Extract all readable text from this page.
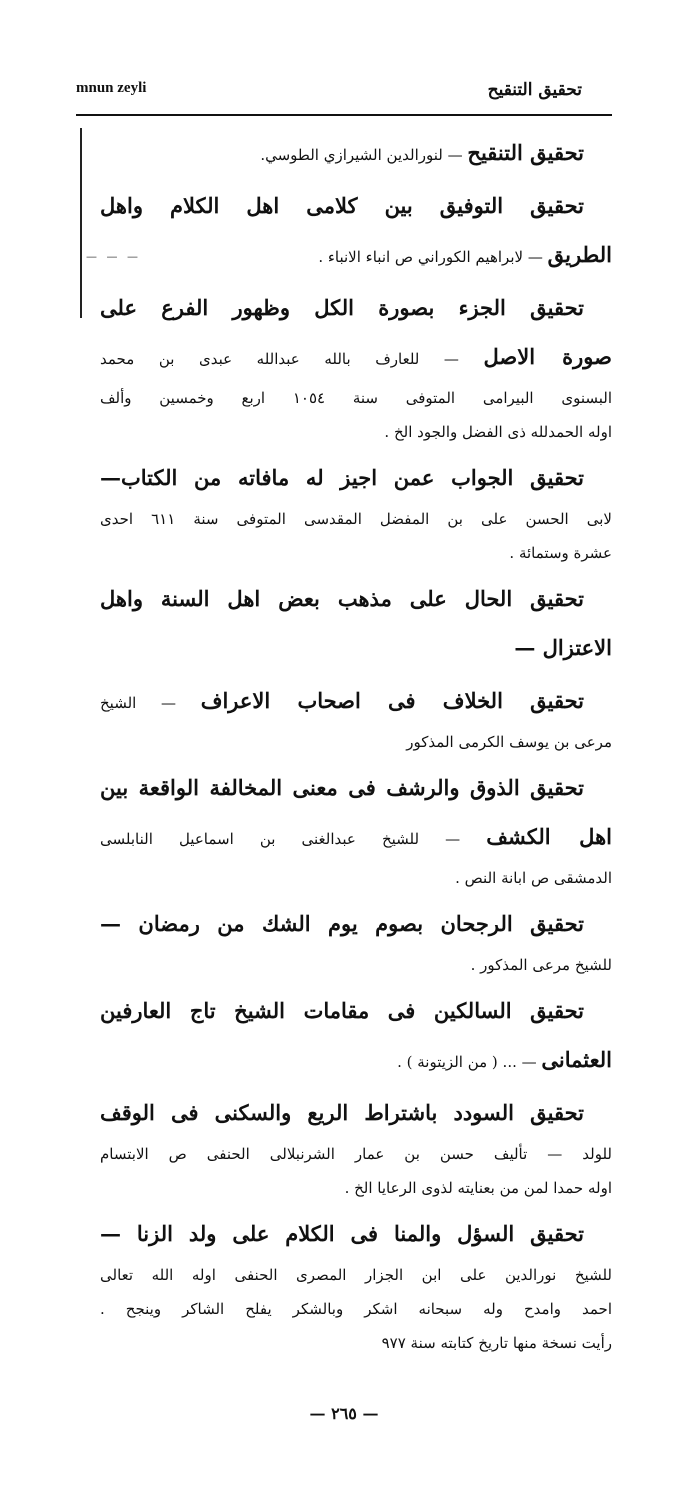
mnun zeyli	تحقيق التنقيح
— — —
تحقيق التنقيح — لنورالدين الشيرازي الطوسي.
تحقيق التوفيق بين كلامى اهل الكلام واهل
الطريق — لابراهيم الكوراني ص انباء الانباء .
تحقيق الجزء بصورة الكل وظهور الفرع على
صورة الاصل — للعارف بالله عبدالله عبدى بن محمد
البسنوى البيرامى المتوفى سنة ١٠٥٤ اربع وخمسين وألف
اوله الحمدلله ذى الفضل والجود الخ .
تحقيق الجواب عمن اجيز له مافاته من الكتاب—
لابى الحسن على بن المفضل المقدسى المتوفى سنة ٦١١ احدى
عشرة وستمائة .
تحقيق الحال على مذهب بعض اهل السنة واهل
الاعتزال —
تحقيق الخلاف فى اصحاب الاعراف — الشيخ
مرعى بن يوسف الكرمى المذكور
تحقيق الذوق والرشف فى معنى المخالفة الواقعة بين
اهل الكشف — للشيخ عبدالغنى بن اسماعيل النابلسى
الدمشقى ص ابانة النص .
تحقيق الرجحان بصوم يوم الشك من رمضان —
للشيخ مرعى المذكور .
تحقيق السالكين فى مقامات الشيخ تاج العارفين
العثمانى — ... ( من الزيتونة ) .
تحقيق السودد باشتراط الريع والسكنى فى الوقف
للولد — تأليف حسن بن عمار الشرنبلالى الحنفى ص الابتسام
اوله حمدا لمن من بعنايته لذوى الرعايا الخ .
تحقيق السؤل والمنا فى الكلام على ولد الزنا —
للشيخ نورالدين على ابن الجزار المصرى الحنفى اوله الله تعالى
احمد وامدح وله سبحانه اشكر وبالشكر يفلح الشاكر وينجح .
رأيت نسخة منها تاريخ كتابته سنة ٩٧٧
— ٢٦٥ —
